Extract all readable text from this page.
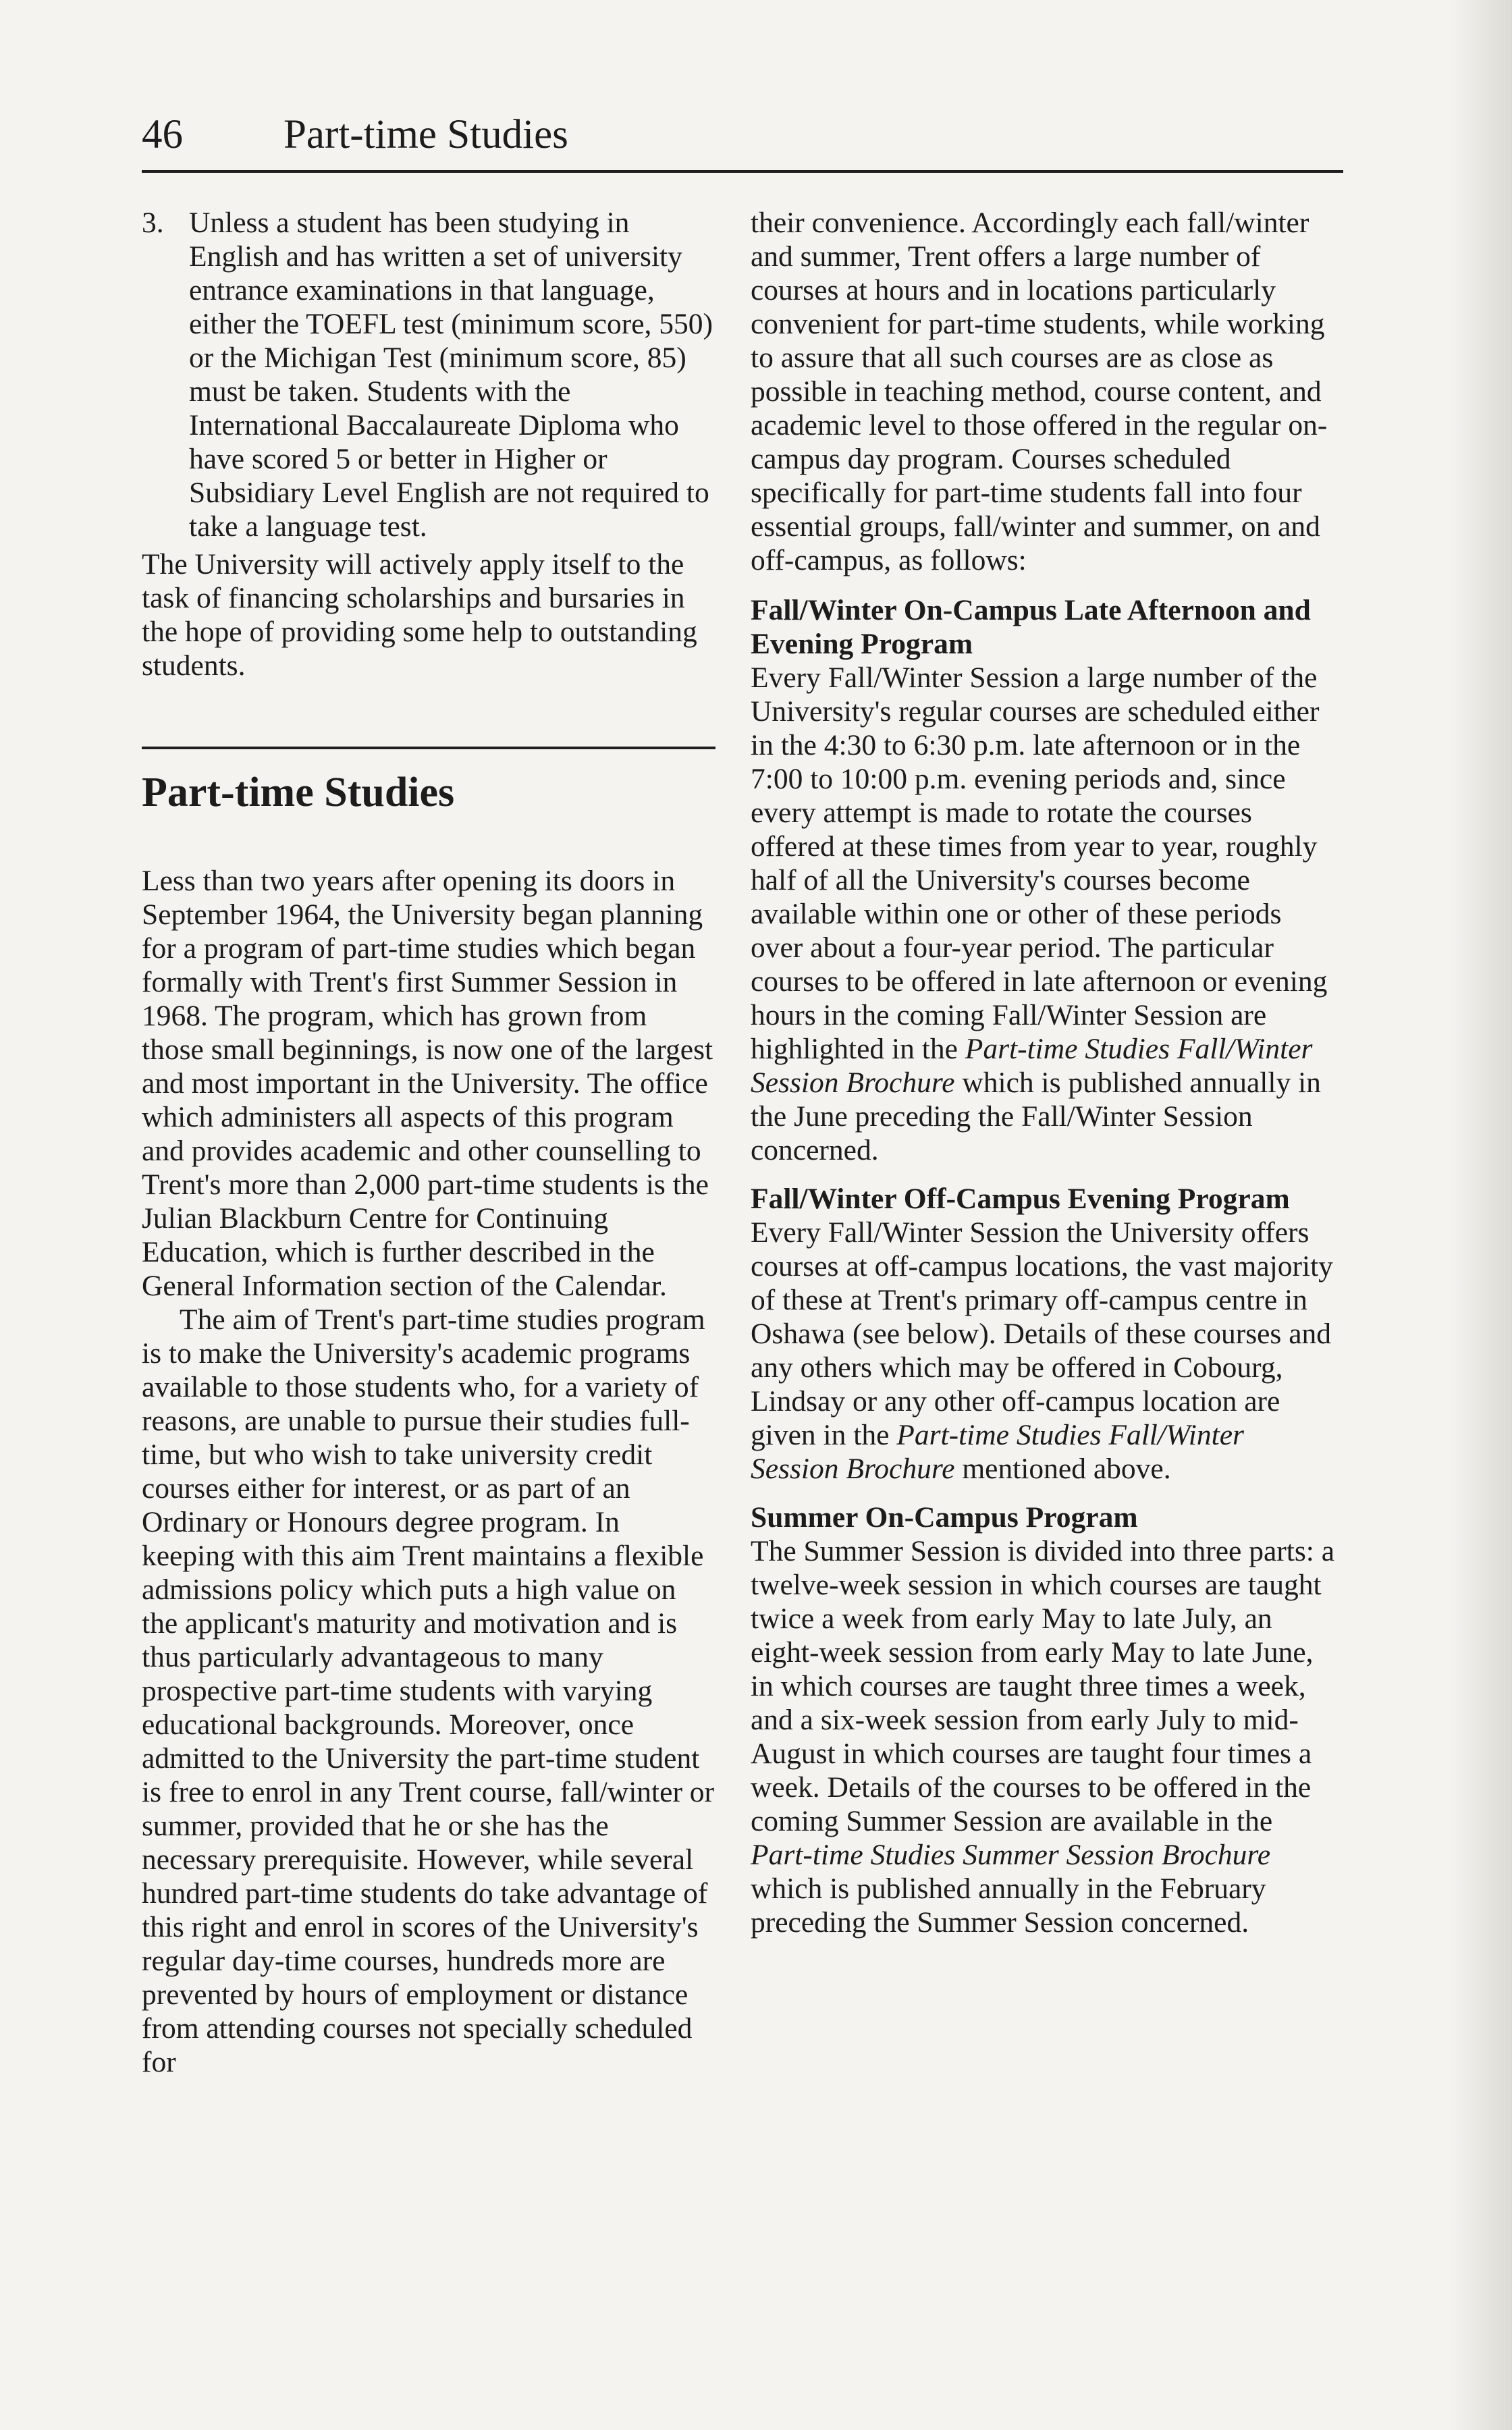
46 Part-time Studies
3. Unless a student has been studying in English and has written a set of university entrance examinations in that language, either the TOEFL test (minimum score, 550) or the Michigan Test (minimum score, 85) must be taken. Students with the International Baccalaureate Diploma who have scored 5 or better in Higher or Subsidiary Level English are not required to take a language test.

The University will actively apply itself to the task of financing scholarships and bursaries in the hope of providing some help to outstanding students.

Part-time Studies

Less than two years after opening its doors in September 1964, the University began planning for a program of part-time studies which began formally with Trent's first Summer Session in 1968. The program, which has grown from those small beginnings, is now one of the largest and most important in the University. The office which administers all aspects of this program and provides academic and other counselling to Trent's more than 2,000 part-time students is the Julian Blackburn Centre for Continuing Education, which is further described in the General Information section of the Calendar.

The aim of Trent's part-time studies program is to make the University's academic programs available to those students who, for a variety of reasons, are unable to pursue their studies full-time, but who wish to take university credit courses either for interest, or as part of an Ordinary or Honours degree program. In keeping with this aim Trent maintains a flexible admissions policy which puts a high value on the applicant's maturity and motivation and is thus particularly advantageous to many prospective part-time students with varying educational backgrounds. Moreover, once admitted to the University the part-time student is free to enrol in any Trent course, fall/winter or summer, provided that he or she has the necessary prerequisite. However, while several hundred part-time students do take advantage of this right and enrol in scores of the University's regular day-time courses, hundreds more are prevented by hours of employment or distance from attending courses not specially scheduled for

their convenience. Accordingly each fall/winter and summer, Trent offers a large number of courses at hours and in locations particularly convenient for part-time students, while working to assure that all such courses are as close as possible in teaching method, course content, and academic level to those offered in the regular on-campus day program. Courses scheduled specifically for part-time students fall into four essential groups, fall/winter and summer, on and off-campus, as follows:

Fall/Winter On-Campus Late Afternoon and Evening Program

Every Fall/Winter Session a large number of the University's regular courses are scheduled either in the 4:30 to 6:30 p.m. late afternoon or in the 7:00 to 10:00 p.m. evening periods and, since every attempt is made to rotate the courses offered at these times from year to year, roughly half of all the University's courses become available within one or other of these periods over about a four-year period. The particular courses to be offered in late afternoon or evening hours in the coming Fall/Winter Session are highlighted in the Part-time Studies Fall/Winter Session Brochure which is published annually in the June preceding the Fall/Winter Session concerned.

Fall/Winter Off-Campus Evening Program

Every Fall/Winter Session the University offers courses at off-campus locations, the vast majority of these at Trent's primary off-campus centre in Oshawa (see below). Details of these courses and any others which may be offered in Cobourg, Lindsay or any other off-campus location are given in the Part-time Studies Fall/Winter Session Brochure mentioned above.

Summer On-Campus Program

The Summer Session is divided into three parts: a twelve-week session in which courses are taught twice a week from early May to late July, an eight-week session from early May to late June, in which courses are taught three times a week, and a six-week session from early July to mid-August in which courses are taught four times a week. Details of the courses to be offered in the coming Summer Session are available in the Part-time Studies Summer Session Brochure which is published annually in the February preceding the Summer Session concerned.
